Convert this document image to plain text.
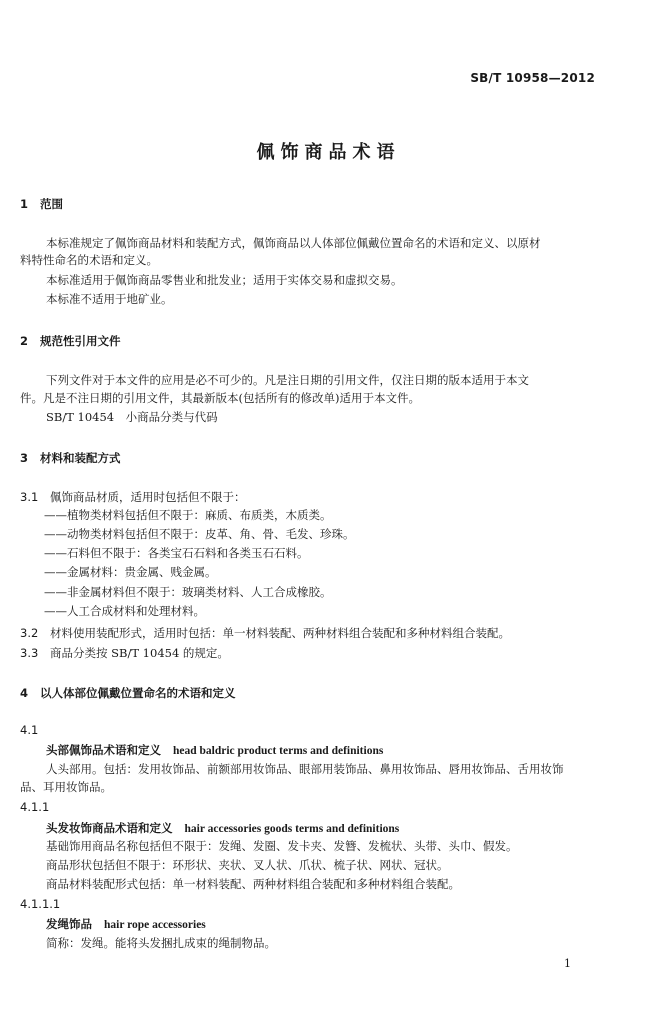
SB/T 10958—2012
佩饰商品术语
1 范围
本标准规定了佩饰商品材料和装配方式，佩饰商品以人体部位佩戴位置命名的术语和定义、以原材
料特性命名的术语和定义。
本标准适用于佩饰商品零售业和批发业；适用于实体交易和虚拟交易。
本标准不适用于地矿业。
2 规范性引用文件
下列文件对于本文件的应用是必不可少的。凡是注日期的引用文件，仅注日期的版本适用于本文
件。凡是不注日期的引用文件，其最新版本(包括所有的修改单)适用于本文件。
SB/T 10454　小商品分类与代码
3 材料和装配方式
3.1 佩饰商品材质，适用时包括但不限于：
——植物类材料包括但不限于：麻质、布质类，木质类。
——动物类材料包括但不限于：皮革、角、骨、毛发、珍珠。
——石料但不限于：各类宝石石料和各类玉石石料。
——金属材料：贵金属、贱金属。
——非金属材料但不限于：玻璃类材料、人工合成橡胶。
——人工合成材料和处理材料。
3.2 材料使用装配形式，适用时包括：单一材料装配、两种材料组合装配和多种材料组合装配。
3.3 商品分类按 SB/T 10454 的规定。
4 以人体部位佩戴位置命名的术语和定义
4.1
头部佩饰品术语和定义 head baldric product terms and definitions
人头部用。包括：发用妆饰品、前额部用妆饰品、眼部用装饰品、鼻用妆饰品、唇用妆饰品、舌用妆饰
品、耳用妆饰品。
4.1.1
头发妆饰商品术语和定义 hair accessories goods terms and definitions
基础饰用商品名称包括但不限于：发绳、发圈、发卡夹、发簪、发梳状、头带、头巾、假发。
商品形状包括但不限于：环形状、夹状、叉人状、爪状、梳子状、网状、冠状。
商品材料装配形式包括：单一材料装配、两种材料组合装配和多种材料组合装配。
4.1.1.1
发绳饰品 hair rope accessories
简称：发绳。能将头发捆扎成束的绳制物品。
1
